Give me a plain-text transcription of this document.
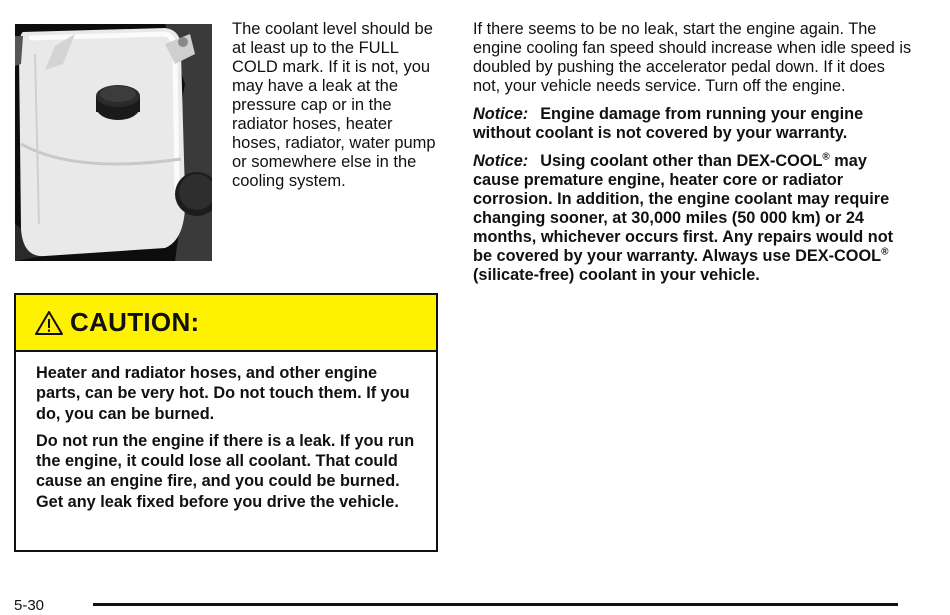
The coolant level should be at least up to the FULL COLD mark. If it is not, you may have a leak at the pressure cap or in the radiator hoses, heater hoses, radiator, water pump or somewhere else in the cooling system.

CAUTION:

Heater and radiator hoses, and other engine parts, can be very hot. Do not touch them. If you do, you can be burned.

Do not run the engine if there is a leak. If you run the engine, it could lose all coolant. That could cause an engine fire, and you could be burned. Get any leak fixed before you drive the vehicle.

If there seems to be no leak, start the engine again. The engine cooling fan speed should increase when idle speed is doubled by pushing the accelerator pedal down. If it does not, your vehicle needs service. Turn off the engine.

Notice: Engine damage from running your engine without coolant is not covered by your warranty.

Notice: Using coolant other than DEX-COOL® may cause premature engine, heater core or radiator corrosion. In addition, the engine coolant may require changing sooner, at 30,000 miles (50 000 km) or 24 months, whichever occurs first. Any repairs would not be covered by your warranty. Always use DEX-COOL® (silicate-free) coolant in your vehicle.

5-30
